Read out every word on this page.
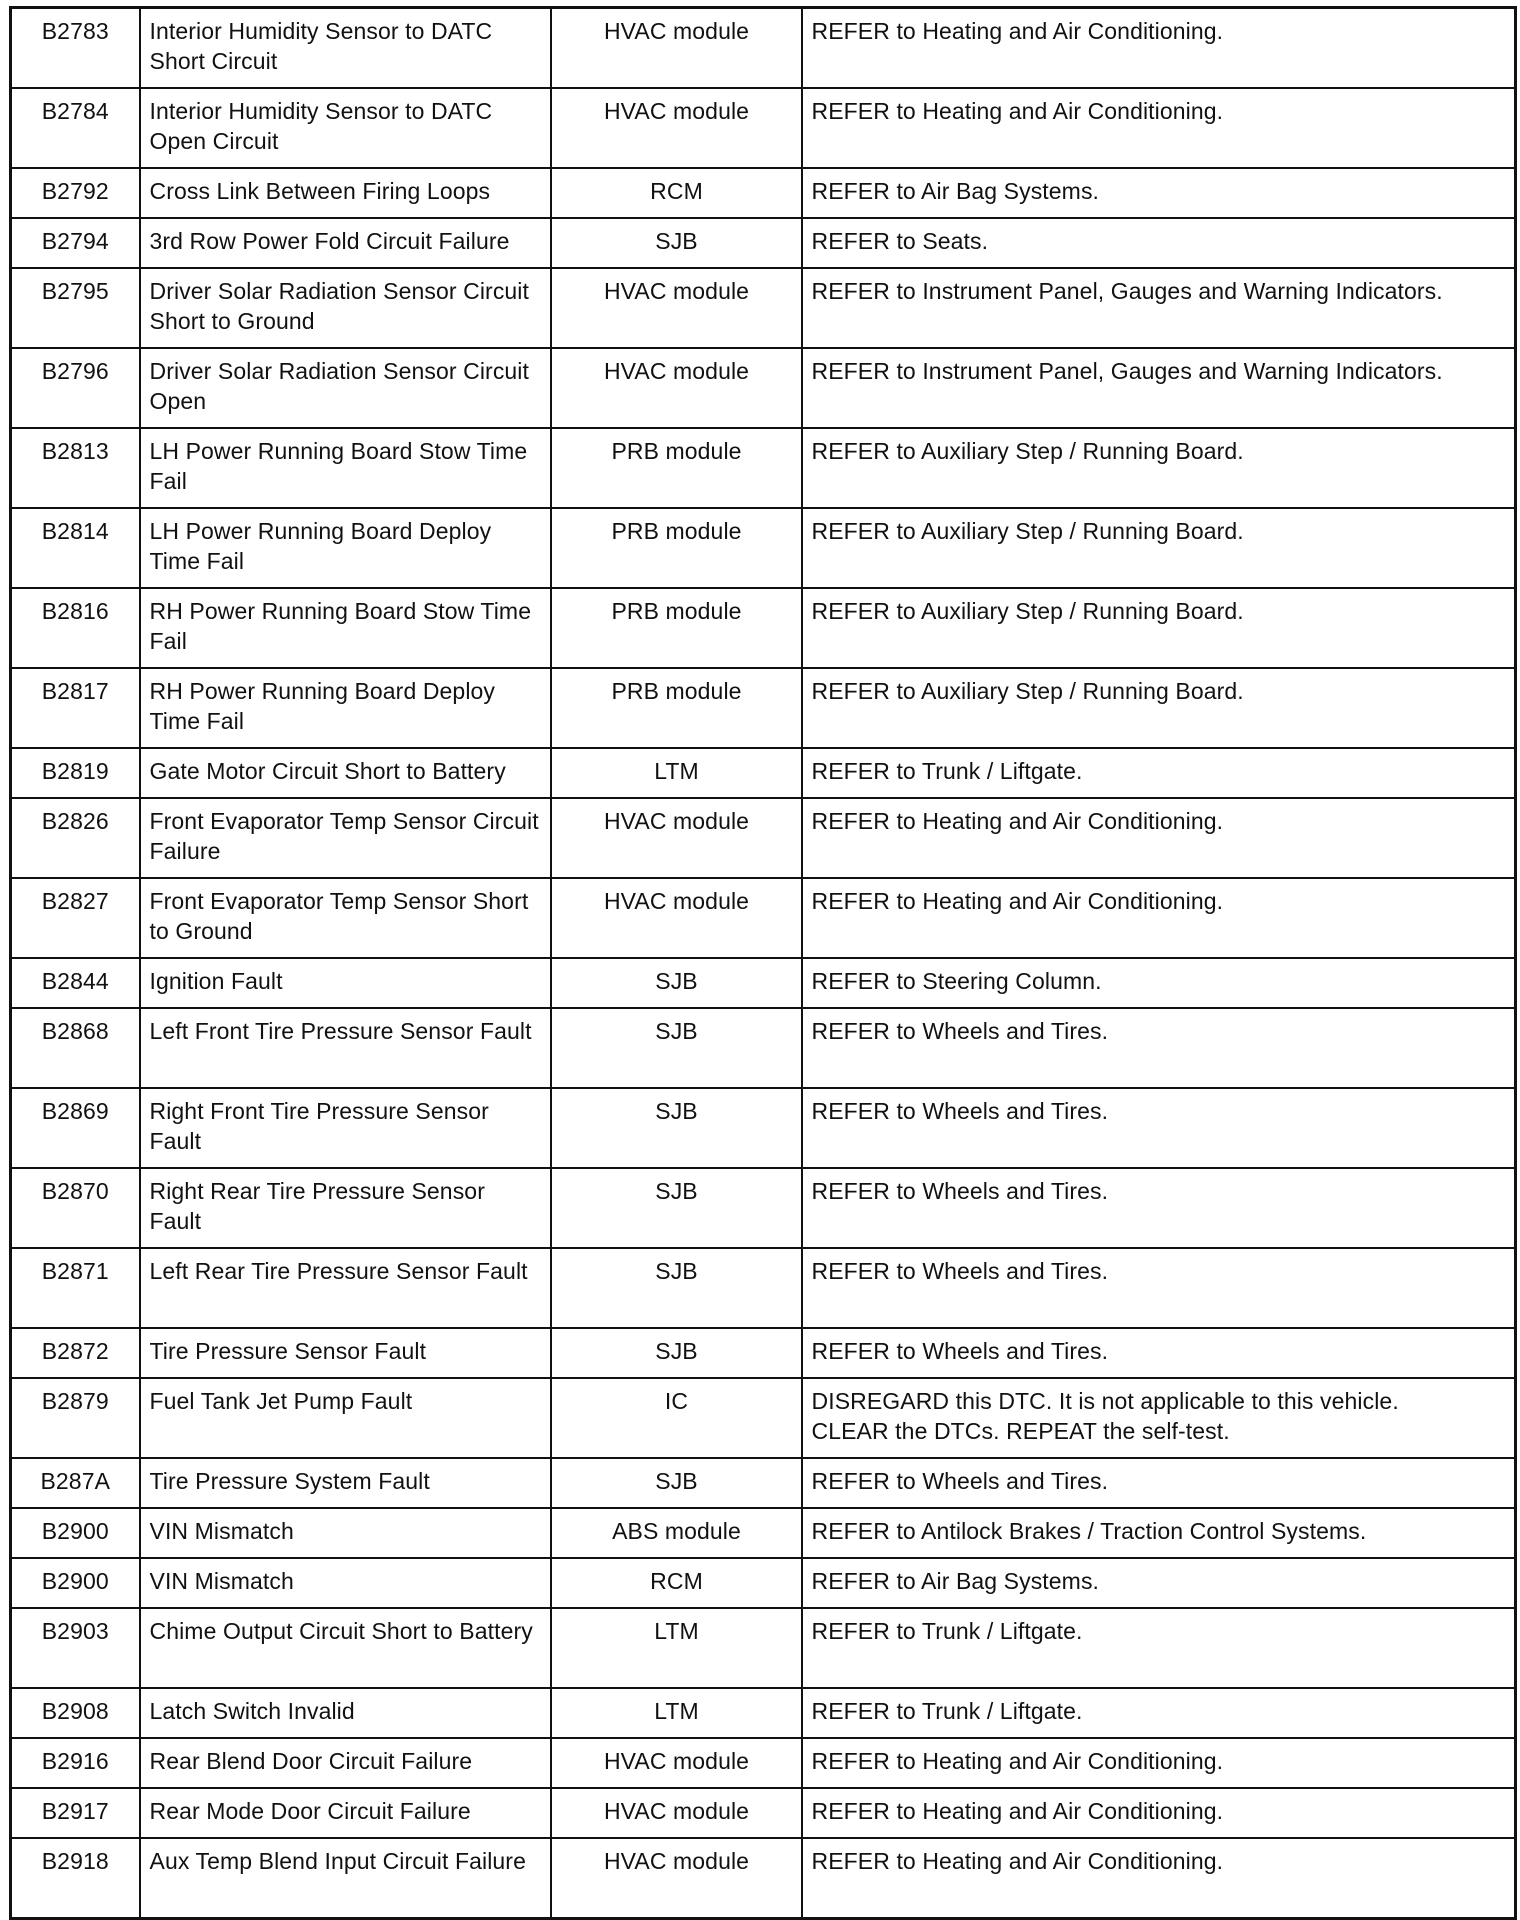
B2783	Interior Humidity Sensor to DATC Short Circuit	HVAC module	REFER to Heating and Air Conditioning.
B2784	Interior Humidity Sensor to DATC Open Circuit	HVAC module	REFER to Heating and Air Conditioning.
B2792	Cross Link Between Firing Loops	RCM	REFER to Air Bag Systems.
B2794	3rd Row Power Fold Circuit Failure	SJB	REFER to Seats.
B2795	Driver Solar Radiation Sensor Circuit Short to Ground	HVAC module	REFER to Instrument Panel, Gauges and Warning Indicators.
B2796	Driver Solar Radiation Sensor Circuit Open	HVAC module	REFER to Instrument Panel, Gauges and Warning Indicators.
B2813	LH Power Running Board Stow Time Fail	PRB module	REFER to Auxiliary Step / Running Board.
B2814	LH Power Running Board Deploy Time Fail	PRB module	REFER to Auxiliary Step / Running Board.
B2816	RH Power Running Board Stow Time Fail	PRB module	REFER to Auxiliary Step / Running Board.
B2817	RH Power Running Board Deploy Time Fail	PRB module	REFER to Auxiliary Step / Running Board.
B2819	Gate Motor Circuit Short to Battery	LTM	REFER to Trunk / Liftgate.
B2826	Front Evaporator Temp Sensor Circuit Failure	HVAC module	REFER to Heating and Air Conditioning.
B2827	Front Evaporator Temp Sensor Short to Ground	HVAC module	REFER to Heating and Air Conditioning.
B2844	Ignition Fault	SJB	REFER to Steering Column.
B2868	Left Front Tire Pressure Sensor Fault	SJB	REFER to Wheels and Tires.
B2869	Right Front Tire Pressure Sensor Fault	SJB	REFER to Wheels and Tires.
B2870	Right Rear Tire Pressure Sensor Fault	SJB	REFER to Wheels and Tires.
B2871	Left Rear Tire Pressure Sensor Fault	SJB	REFER to Wheels and Tires.
B2872	Tire Pressure Sensor Fault	SJB	REFER to Wheels and Tires.
B2879	Fuel Tank Jet Pump Fault	IC	DISREGARD this DTC. It is not applicable to this vehicle.
CLEAR the DTCs. REPEAT the self-test.
B287A	Tire Pressure System Fault	SJB	REFER to Wheels and Tires.
B2900	VIN Mismatch	ABS module	REFER to Antilock Brakes / Traction Control Systems.
B2900	VIN Mismatch	RCM	REFER to Air Bag Systems.
B2903	Chime Output Circuit Short to Battery	LTM	REFER to Trunk / Liftgate.
B2908	Latch Switch Invalid	LTM	REFER to Trunk / Liftgate.
B2916	Rear Blend Door Circuit Failure	HVAC module	REFER to Heating and Air Conditioning.
B2917	Rear Mode Door Circuit Failure	HVAC module	REFER to Heating and Air Conditioning.
B2918	Aux Temp Blend Input Circuit Failure	HVAC module	REFER to Heating and Air Conditioning.
